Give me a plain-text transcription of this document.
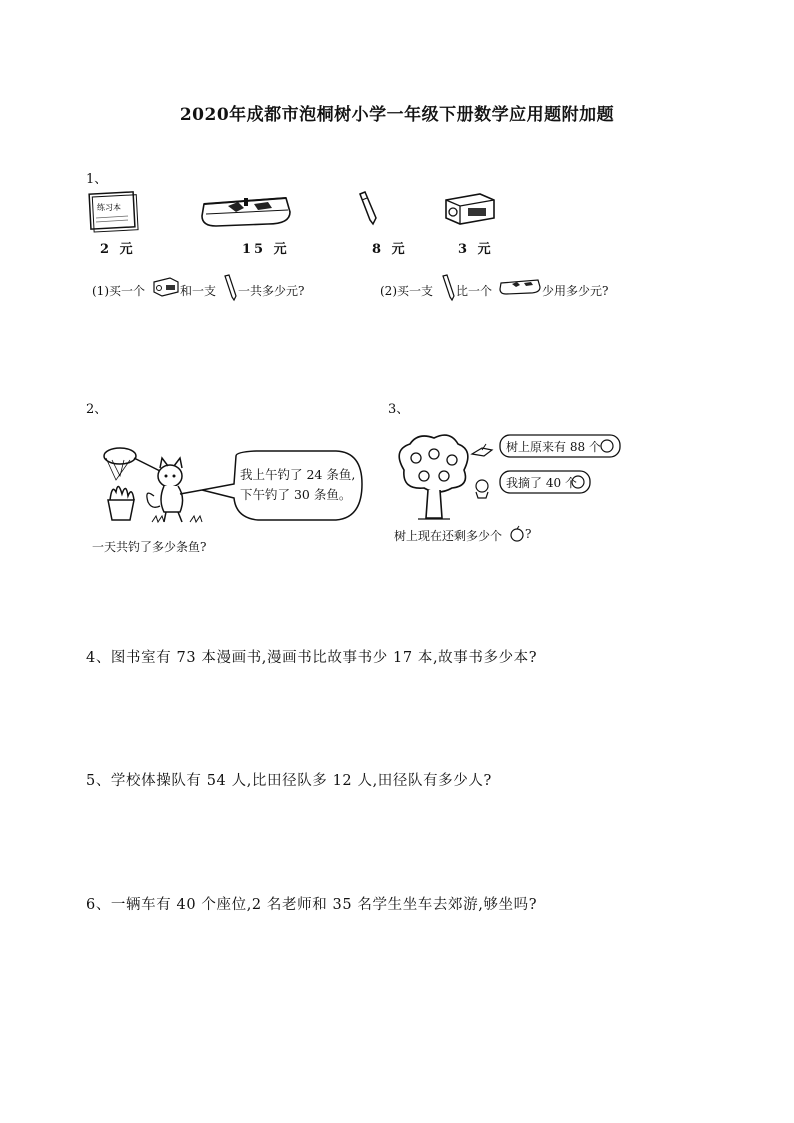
2020年成都市泡桐树小学一年级下册数学应用题附加题
1、
练习本
2 元	15 元	8 元	3 元
(1)买一个	和一支 一共多少元?	(2)买一支 比一个	少用多少元?
2、
我上午钓了 24 条鱼,
下午钓了 30 条鱼。
一天共钓了多少条鱼?
3、
树上原来有 88 个
我摘了 40 个
树上现在还剩多少个 ?
4、图书室有 73 本漫画书,漫画书比故事书少 17 本,故事书多少本?
5、学校体操队有 54 人,比田径队多 12 人,田径队有多少人?
6、一辆车有 40 个座位,2 名老师和 35 名学生坐车去郊游,够坐吗?
